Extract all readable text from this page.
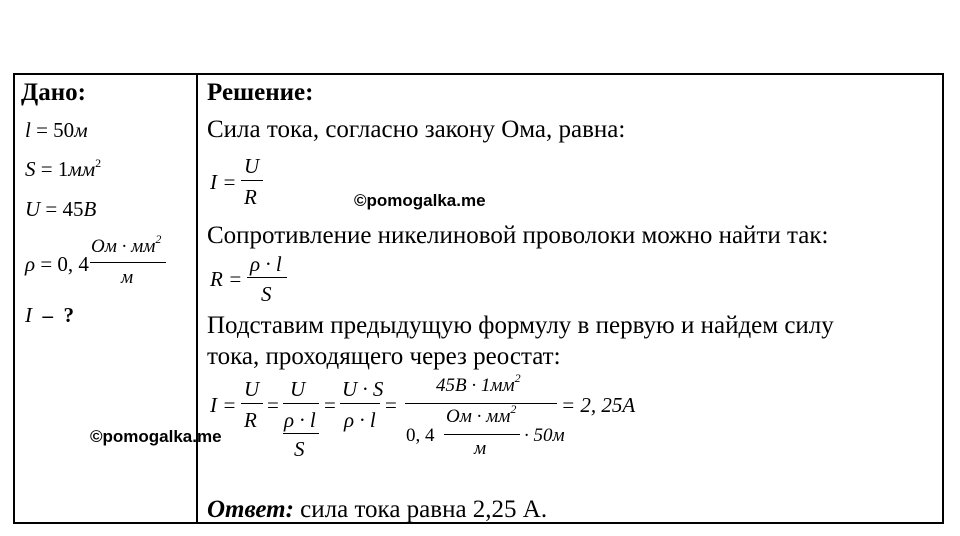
Дано:
l = 50м
$S = 1мм^2$
U = 45В
ρ = 0, 4
Ом · $мм^2$
м
I – ?
Решение:
Сила тока, согласно закону Ома, равна:
I =
U
R
Сопротивление никелиновой проволоки можно найти так:
R =
ρ · l
S
Подставим предыдущую формулу в первую и найдем силу
тока, проходящего через реостат:
I =
U
R
=
U
ρ · l
S
=
U · S
ρ · l
=
$45В \cdot 1мм^2$
0, 4
Ом · $мм^2$
м
· 50м
= 2, 25А
Ответ: сила тока равна 2,25 А.
©pomogalka.me
©pomogalka.me
